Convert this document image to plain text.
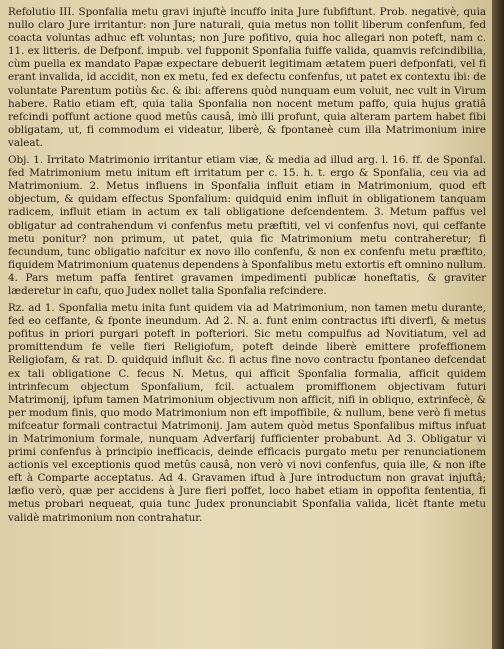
Refolutio III. Sponfalia metu gravi injuftè incuffo inita Jure fubfiftunt. Prob. negativè, quia nullo claro Jure irritantur: non Jure naturali, quia metus non tollit liberum confenfum, fed coacta voluntas adhuc eft voluntas; non Jure pofitivo, quia hoc allegari non poteft, nam c. 11. ex litteris. de Defponf. impub. vel fupponit Sponfalia fuiffe valida, quamvis refcindibilia, cùm puella ex mandato Papæ expectare debuerit legitimam ætatem pueri defponfati, vel fi erant invalida, id accidit, non ex metu, fed ex defectu confenfus, ut patet ex contextu ibi: de voluntate Parentum potiùs &c. & ibi: afferens quòd nunquam eum voluit, nec vult in Virum habere. Ratio etiam eft, quia talia Sponfalia non nocent metum paffo, quia hujus gratiâ refcindi poffunt actione quod metûs causâ, imò illi profunt, quia alteram partem habet fibi obligatam, ut, fi commodum ei videatur, liberè, & fpontaneè cum illa Matrimonium inire valeat.

Obj. 1. Irritato Matrimonio irritantur etiam viæ, & media ad illud arg. l. 16. ff. de Sponfal. fed Matrimonium metu initum eft irritatum per c. 15. h. t. ergo & Sponfalia, ceu via ad Matrimonium. 2. Metus influens in Sponfalia influit etiam in Matrimonium, quod eft objectum, & quidam effectus Sponfalium: quidquid enim influit in obligationem tanquam radicem, influit etiam in actum ex tali obligatione defcendentem. 3. Metum paffus vel obligatur ad contrahendum vi confenfus metu præftiti, vel vi confenfus novi, qui ceffante metu ponitur? non primum, ut patet, quia fic Matrimonium metu contraheretur; fi fecundum, tunc obligatio nafcitur ex novo illo confenfu, & non ex confenfu metu præftito, fiquidem Matrimonium quatenus dependens à Sponfalibus metu extortis eft omnino nullum. 4. Pars metum paffa fentiret gravamen impedimenti publicæ honeftatis, & graviter læderetur in cafu, quo Judex nollet talia Sponfalia refcindere.

Rz. ad 1. Sponfalia metu inita funt quidem via ad Matrimonium, non tamen metu durante, fed eo ceffante, & fponte ineundum. Ad 2. N. a. funt enim contractus ifti diverfi, & metus pofitus in priori purgari poteft in pofteriori. Sic metu compulfus ad Novitiatum, vel ad promittendum fe velle fieri Religiofum, poteft deinde liberè emittere profeffionem Religiofam, & rat. D. quidquid influit &c. fi actus fine novo contractu fpontaneo defcendat ex tali obligatione C. fecus N. Metus, qui afficit Sponfalia formalia, afficit quidem intrinfecum objectum Sponfalium, fcil. actualem promiffionem objectivam futuri Matrimonij, ipfum tamen Matrimonium objectivum non afficit, nifi in obliquo, extrinfecè, & per modum finis, quo modo Matrimonium non eft impoffibile, & nullum, bene verò fi metus mifceatur formali contractui Matrimonij. Jam autem quòd metus Sponfalibus miftus infuat in Matrimonium formale, nunquam Adverfarij fufficienter probabunt. Ad 3. Obligatur vi primi confenfus à principio inefficacis, deinde efficacis purgato metu per renunciationem actionis vel exceptionis quod metûs causâ, non verò vi novi confenfus, quia ille, & non ifte eft à Comparte acceptatus. Ad 4. Gravamen iftud à Jure introductum non gravat injuftâ; læfio verò, quæ per accidens à Jure fieri poffet, loco habet etiam in oppofita fententia, fi metus probari nequeat, quia tunc Judex pronunciabit Sponfalia valida, licèt ftante metu validè matrimonium non contrahatur.
